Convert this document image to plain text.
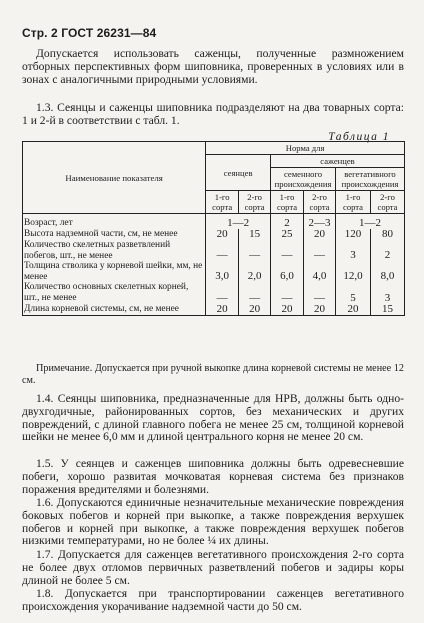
Стр. 2 ГОСТ 26231—84

Допускается использовать саженцы, полученные размножением отборных перспективных форм шиповника, проверенных в условиях или в зонах с аналогичными природными условиями.

1.3. Сеянцы и саженцы шиповника подразделяют на два товарных сорта: 1 и 2-й в соответствии с табл. 1.

Таблица 1
Наименование показателя	Норма для					
	сеянцев		саженцев			
			семенного происхождения		вегетативного происхождения	
	1-го сорта	2-го сорта	1-го сорта	2-го сорта	1-го сорта	2-го сорта
Возраст, лет	1—2		2	2—3	1—2	
Высота надземной части, см, не менее	20	15	25	20	120	80
Количество скелетных разветвлений побегов, шт., не менее	—	—	—	—	3	2
Толщина стволика у корневой шейки, мм, не менее	3,0	2,0	6,0	4,0	12,0	8,0
Количество основных скелетных корней, шт., не менее	—	—	—	—	5	3
Длина корневой системы, см, не менее	20	20	20	20	20	15

Примечание. Допускается при ручной выкопке длина корневой системы не менее 12 см.

1.4. Сеянцы шиповника, предназначенные для НРВ, должны быть одно-двухгодичные, районированных сортов, без механических и других повреждений, с длиной главного побега не менее 25 см, толщиной корневой шейки не менее 6,0 мм и длиной центрального корня не менее 20 см.

1.5. У сеянцев и саженцев шиповника должны быть одревесневшие побеги, хорошо развитая мочковатая корневая система без признаков поражения вредителями и болезнями.

1.6. Допускаются единичные незначительные механические повреждения боковых побегов и корней при выкопке, а также повреждения верхушек побегов и корней при выкопке, а также повреждения верхушек побегов низкими температурами, но не более ¼ их длины.

1.7. Допускается для саженцев вегетативного происхождения 2-го сорта не более двух отломов первичных разветвлений побегов и задиры коры длиной не более 5 см.

1.8. Допускается при транспортировании саженцев вегетативного происхождения укорачивание надземной части до 50 см.
